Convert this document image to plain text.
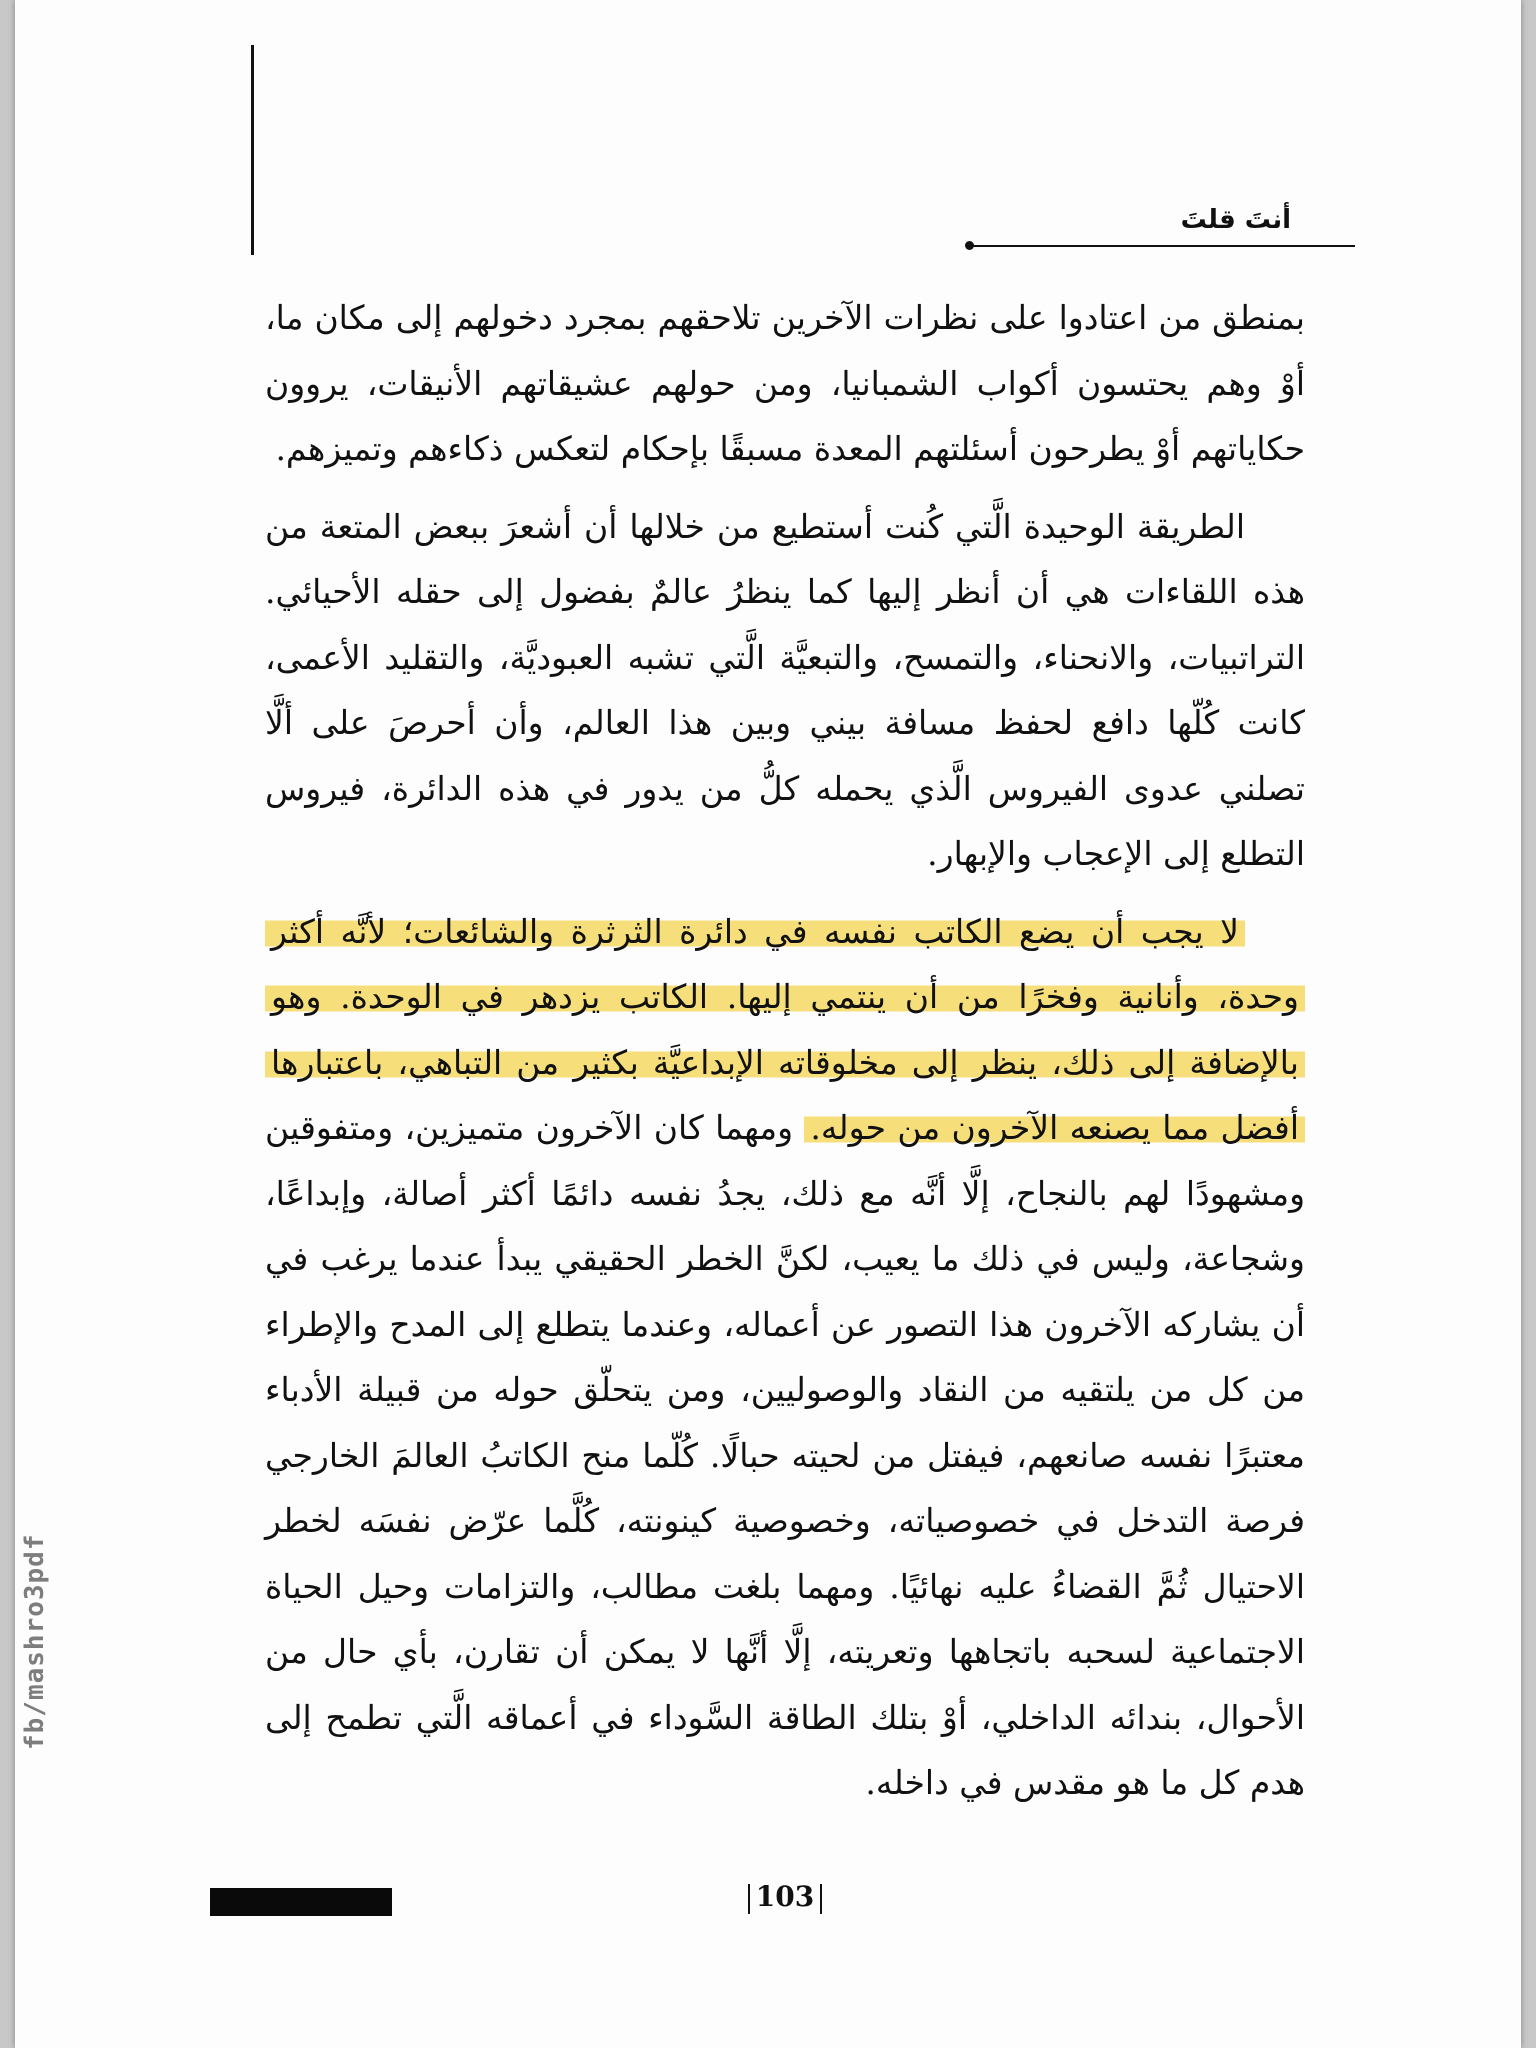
أنتَ قلتَ

بمنطق من اعتادوا على نظرات الآخرين تلاحقهم بمجرد دخولهم إلى مكان ما، أوْ وهم يحتسون أكواب الشمبانيا، ومن حولهم عشيقاتهم الأنيقات، يروون حكاياتهم أوْ يطرحون أسئلتهم المعدة مسبقًا بإحكام لتعكس ذكاءهم وتميزهم.

الطريقة الوحيدة الَّتي كُنت أستطيع من خلالها أن أشعرَ ببعض المتعة من هذه اللقاءات هي أن أنظر إليها كما ينظرُ عالمٌ بفضول إلى حقله الأحيائي. التراتبيات، والانحناء، والتمسح، والتبعيَّة الَّتي تشبه العبوديَّة، والتقليد الأعمى، كانت كُلّها دافع لحفظ مسافة بيني وبين هذا العالم، وأن أحرصَ على ألَّا تصلني عدوى الفيروس الَّذي يحمله كلُّ من يدور في هذه الدائرة، فيروس التطلع إلى الإعجاب والإبهار.

لا يجب أن يضع الكاتب نفسه في دائرة الثرثرة والشائعات؛ لأنَّه أكثر وحدة، وأنانية وفخرًا من أن ينتمي إليها. الكاتب يزدهر في الوحدة. وهو بالإضافة إلى ذلك، ينظر إلى مخلوقاته الإبداعيَّة بكثير من التباهي، باعتبارها أفضل مما يصنعه الآخرون من حوله. ومهما كان الآخرون متميزين، ومتفوقين ومشهودًا لهم بالنجاح، إلَّا أنَّه مع ذلك، يجدُ نفسه دائمًا أكثر أصالة، وإبداعًا، وشجاعة، وليس في ذلك ما يعيب، لكنَّ الخطر الحقيقي يبدأ عندما يرغب في أن يشاركه الآخرون هذا التصور عن أعماله، وعندما يتطلع إلى المدح والإطراء من كل من يلتقيه من النقاد والوصوليين، ومن يتحلّق حوله من قبيلة الأدباء معتبرًا نفسه صانعهم، فيفتل من لحيته حبالًا. كُلّما منح الكاتبُ العالمَ الخارجي فرصة التدخل في خصوصياته، وخصوصية كينونته، كُلَّما عرّض نفسَه لخطر الاحتيال ثُمَّ القضاءُ عليه نهائيًا. ومهما بلغت مطالب، والتزامات وحيل الحياة الاجتماعية لسحبه باتجاهها وتعريته، إلَّا أنَّها لا يمكن أن تقارن، بأي حال من الأحوال، بندائه الداخلي، أوْ بتلك الطاقة السَّوداء في أعماقه الَّتي تطمح إلى هدم كل ما هو مقدس في داخله.

103
fb/mashro3pdf
